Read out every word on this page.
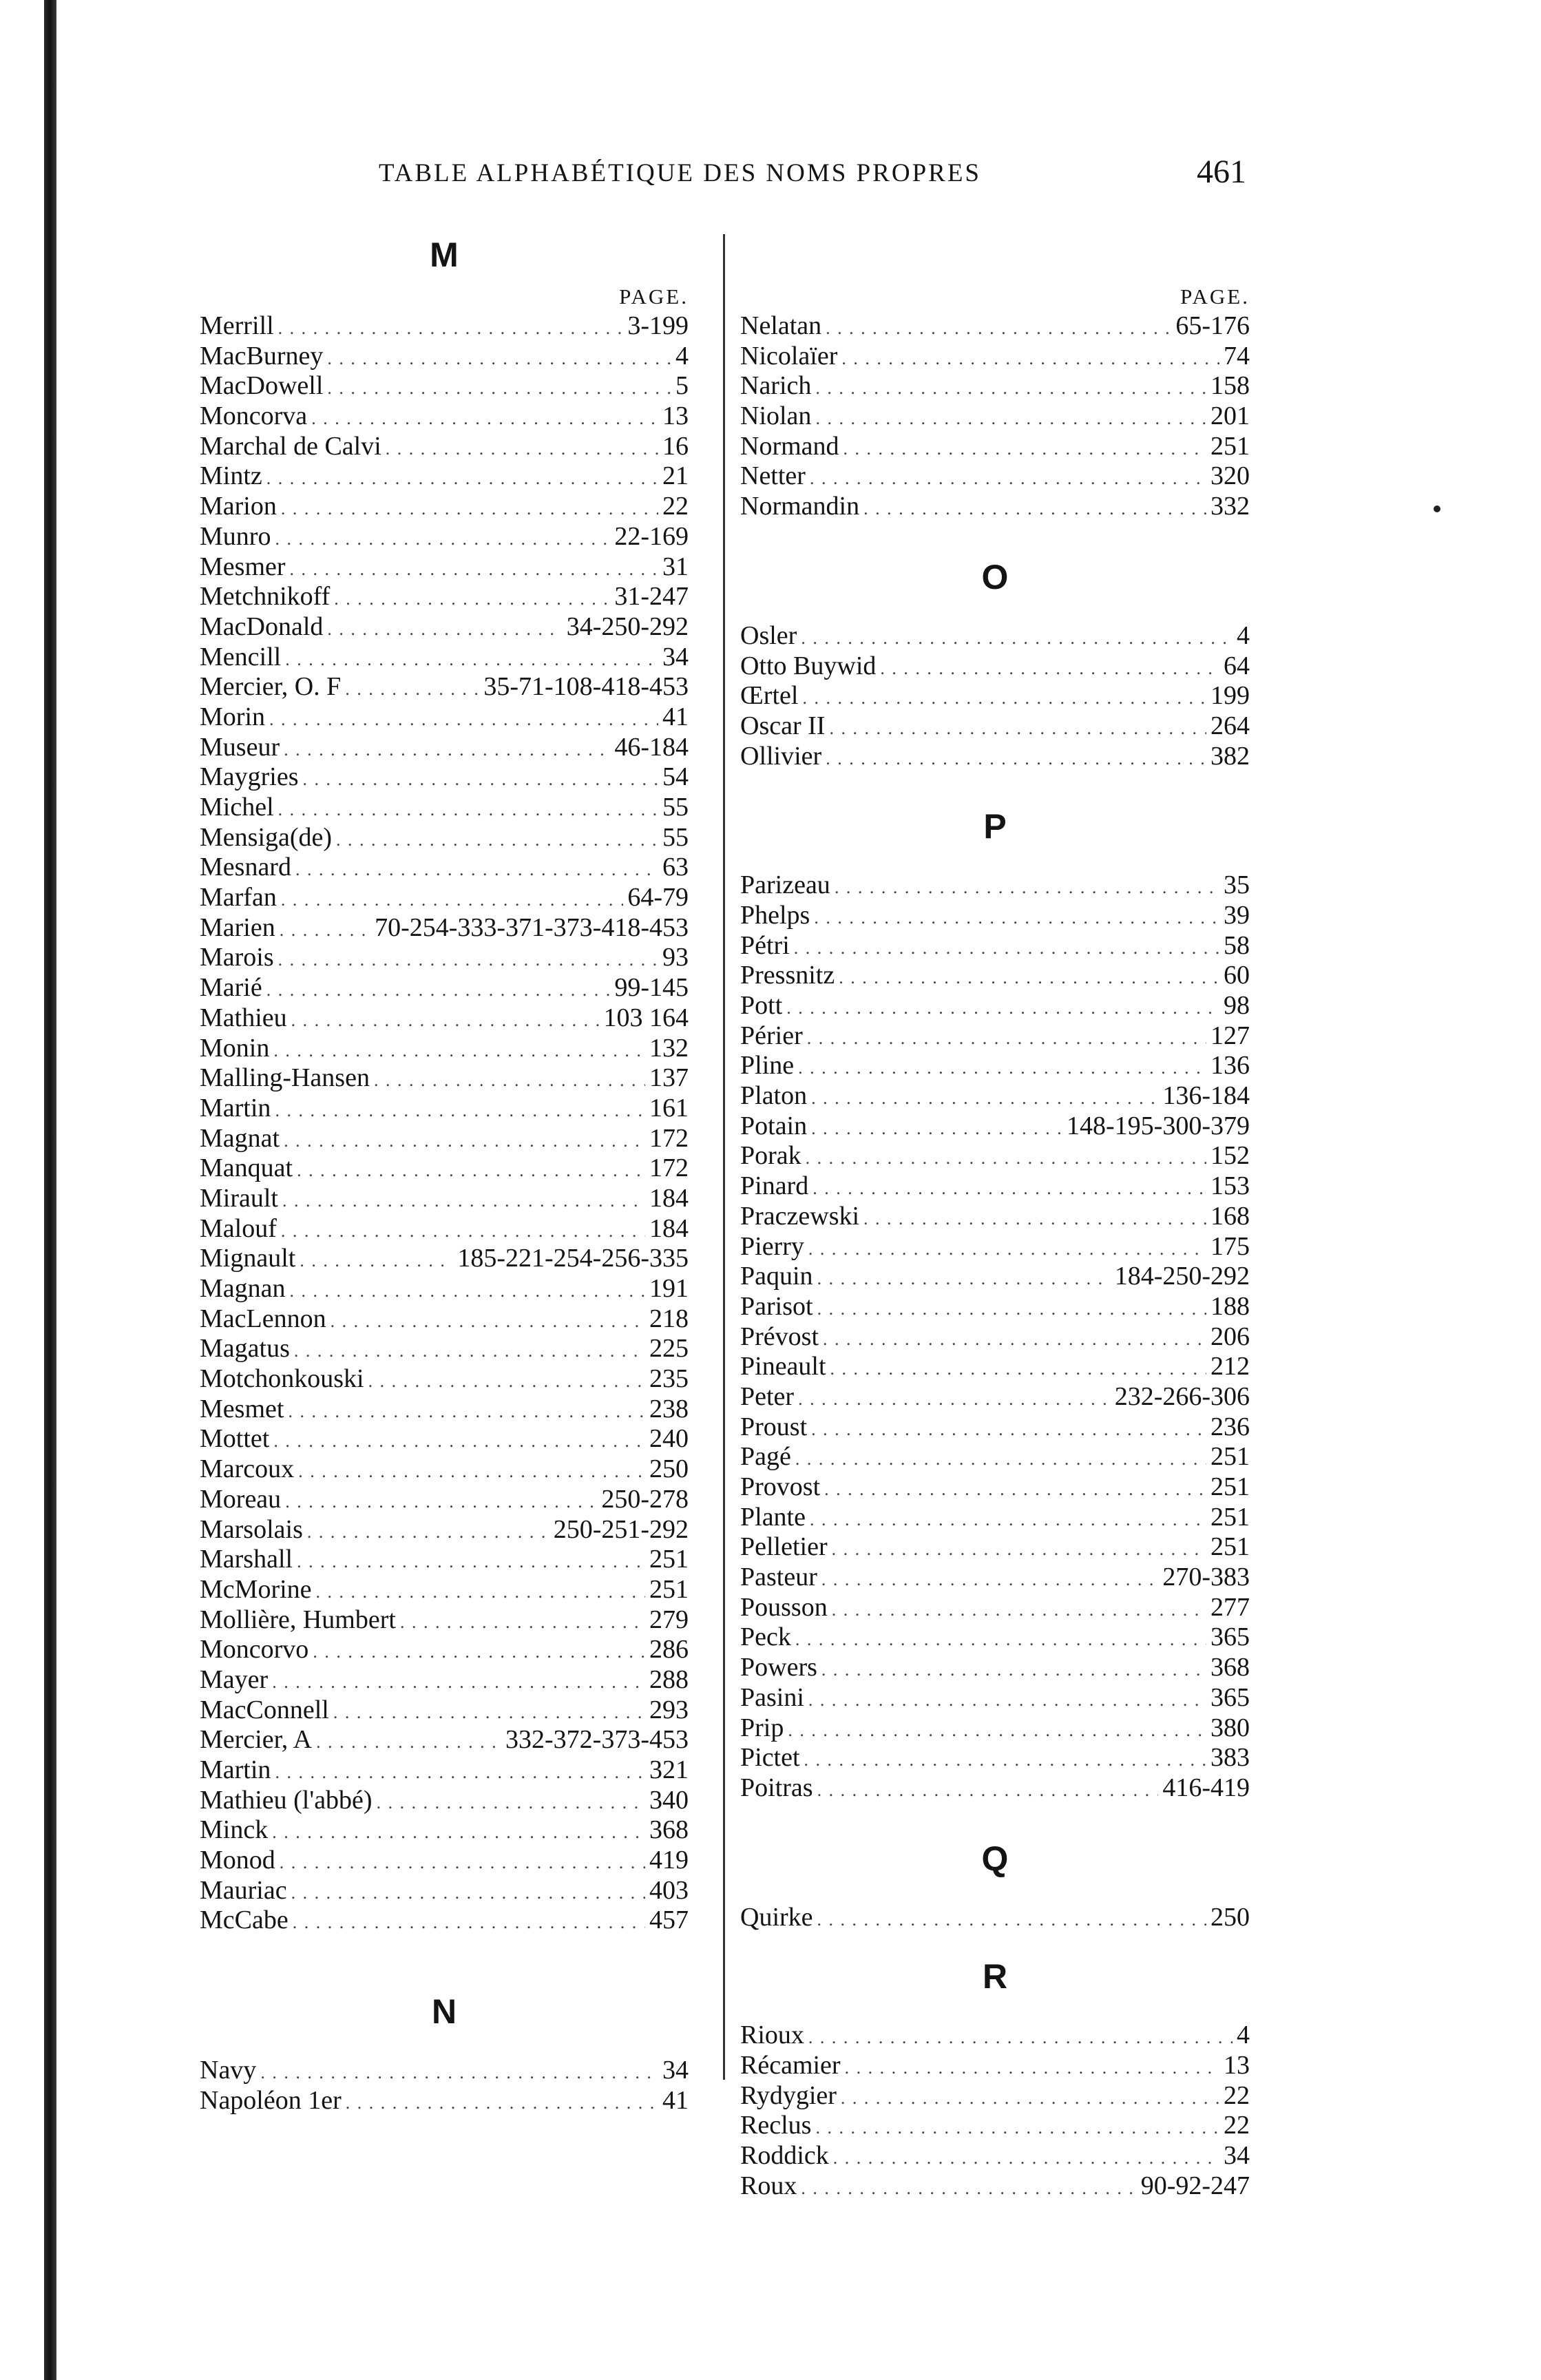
TABLE ALPHABÉTIQUE DES NOMS PROPRES	461
M
PAGE.
Merrill . . .	3-199
MacBurney . . .	4
MacDowell . . .	5
Moncorva . . .	13
Marchal de Calvi . . .	16
Mintz . . .	21
Marion . . .	22
Munro . . .	22-169
Mesmer . . .	31
Metchnikoff . . .	31-247
MacDonald . . .	34-250-292
Mencill . . .	34
Mercier, O. F . . .	35-71-108-418-453
Morin . . .	41
Museur . . .	46-184
Maygries . . .	54
Michel . . .	55
Mensiga(de) . . .	55
Mesnard . . .	63
Marfan . . .	64-79
Marien . . .	70-254-333-371-373-418-453
Marois . . .	93
Marié . . .	99-145
Mathieu . . .	103 164
Monin . . .	132
Malling-Hansen . . .	137
Martin . . .	161
Magnat . . .	172
Manquat . . .	172
Mirault . . .	184
Malouf . . .	184
Mignault . . .	185-221-254-256-335
Magnan . . .	191
MacLennon . . .	218
Magatus . . .	225
Motchonkouski . . .	235
Mesmet . . .	238
Mottet . . .	240
Marcoux . . .	250
Moreau . . .	250-278
Marsolais . . .	250-251-292
Marshall . . .	251
McMorine . . .	251
Mollière, Humbert . . .	279
Moncorvo . . .	286
Mayer . . .	288
MacConnell . . .	293
Mercier, A . . .	332-372-373-453
Martin . . .	321
Mathieu (l'abbé) . . .	340
Minck . . .	368
Monod . . .	419
Mauriac . . .	403
McCabe . . .	457
N
Navy . . .	34
Napoléon 1er . . .	41
PAGE.
Nelatan . . .	65-176
Nicolaïer . . .	74
Narich . . .	158
Niolan . . .	201
Normand . . .	251
Netter . . .	320
Normandin . . .	332
O
Osler . . .	4
Otto Buywid . . .	64
Œrtel . . .	199
Oscar II . . .	264
Ollivier . . .	382
P
Parizeau . . .	35
Phelps . . .	39
Pétri . . .	58
Pressnitz . . .	60
Pott . . .	98
Périer . . .	127
Pline . . .	136
Platon . . .	136-184
Potain . . .	148-195-300-379
Porak . . .	152
Pinard . . .	153
Praczewski . . .	168
Pierry . . .	175
Paquin . . .	184-250-292
Parisot . . .	188
Prévost . . .	206
Pineault . . .	212
Peter . . .	232-266-306
Proust . . .	236
Pagé . . .	251
Provost . . .	251
Plante . . .	251
Pelletier . . .	251
Pasteur . . .	270-383
Pousson . . .	277
Peck . . .	365
Powers . . .	368
Pasini . . .	365
Prip . . .	380
Pictet . . .	383
Poitras . . .	416-419
Q
Quirke . . .	250
R
Rioux . . .	4
Récamier . . .	13
Rydygier . . .	22
Reclus . . .	22
Roddick . . .	34
Roux . . .	90-92-247
